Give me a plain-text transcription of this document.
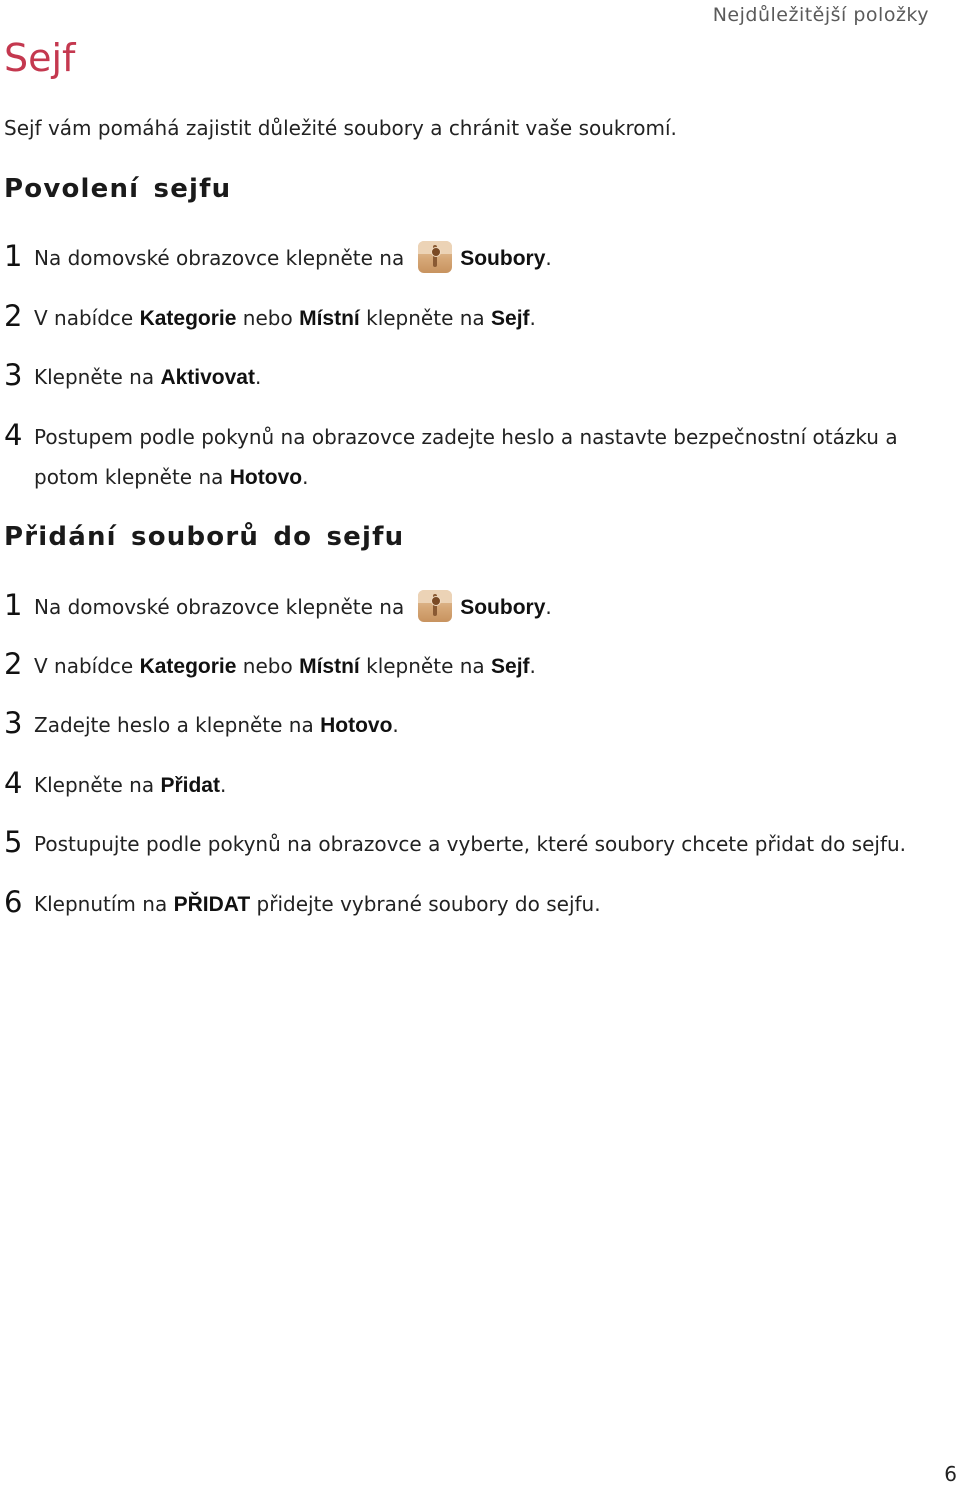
Nejdůležitější položky
Sejf

Sejf vám pomáhá zajistit důležité soubory a chránit vaše soukromí.

Povolení sejfu
1 Na domovské obrazovce klepněte na	Soubory.
2 V nabídce Kategorie nebo Místní klepněte na Sejf.
3 Klepněte na Aktivovat.
4 Postupem podle pokynů na obrazovce zadejte heslo a nastavte bezpečnostní otázku a potom klepněte na Hotovo.
Přidání souborů do sejfu
1 Na domovské obrazovce klepněte na	Soubory.
2 V nabídce Kategorie nebo Místní klepněte na Sejf.
3 Zadejte heslo a klepněte na Hotovo.
4 Klepněte na Přidat.
5 Postupujte podle pokynů na obrazovce a vyberte, které soubory chcete přidat do sejfu.
6 Klepnutím na PŘIDAT přidejte vybrané soubory do sejfu.
6
